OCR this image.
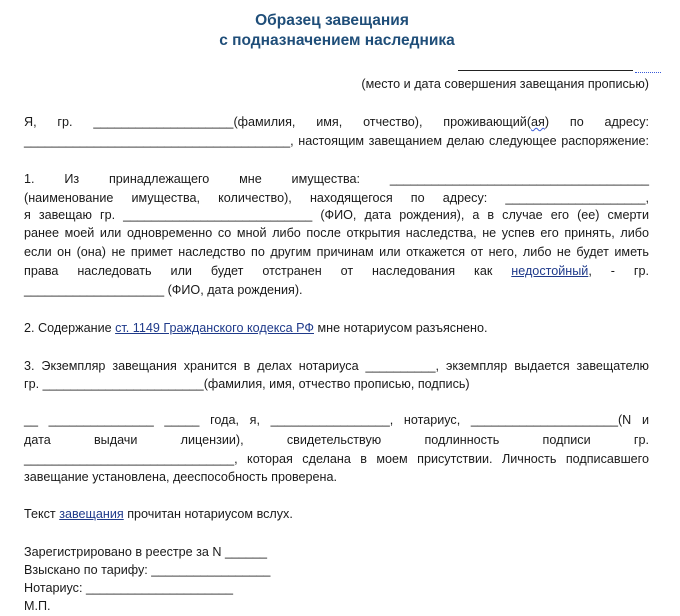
Образец завещания
с подназначением наследника
(место и дата совершения завещания прописью)
Я, гр. ____________________(фамилия, имя, отчество), проживающий(ая) по адресу:
______________________________________, настоящим завещанием делаю следующее распоряжение:
1. Из принадлежащего мне имущества: _____________________________________
(наименование имущества, количество), находящегося по адресу: ____________________,
я завещаю гр. ___________________________ (ФИО, дата рождения), а в случае его (ее) смерти
ранее моей или одновременно со мной либо после открытия наследства, не успев его принять, либо
если он (она) не примет наследство по другим причинам или откажется от него, либо не будет иметь
права наследовать или будет отстранен от наследования как недостойный, - гр.
____________________ (ФИО, дата рождения).
2. Содержание ст. 1149 Гражданского кодекса РФ мне нотариусом разъяснено.
3. Экземпляр завещания хранится в делах нотариуса __________, экземпляр выдается завещателю
гр. _______________________(фамилия, имя, отчество прописью, подпись)
__ _______________ _____ года, я, _________________, нотариус, _____________________(N и
дата выдачи лицензии), свидетельствую подлинность подписи гр.
______________________________, которая сделана в моем присутствии. Личность подписавшего
завещание установлена, дееспособность проверена.
Текст завещания прочитан нотариусом вслух.
Зарегистрировано в реестре за N ______
Взыскано по тарифу: _________________
Нотариус: _____________________
М.П.
